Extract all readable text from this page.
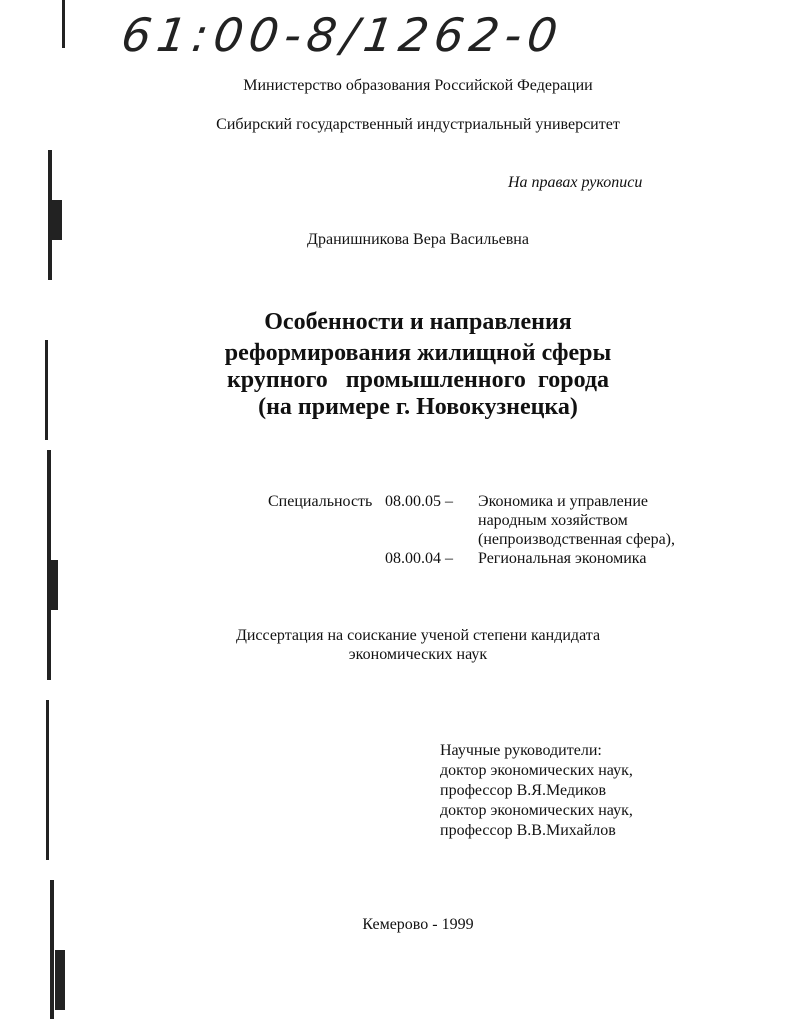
61:00-8/1262-0
Министерство образования Российской Федерации
Сибирский государственный индустриальный университет
На правах рукописи
Дранишникова Вера Васильевна
Особенности и направления
реформирования жилищной сферы
крупного   промышленного  города
(на примере г. Новокузнецка)
Специальность 08.00.05 – Экономика и управление
народным хозяйством
(непроизводственная сфера),
08.00.04 – Региональная экономика
Диссертация на соискание ученой степени кандидата
экономических наук
Научные руководители:
доктор экономических наук,
профессор В.Я.Медиков
доктор экономических наук,
профессор В.В.Михайлов
Кемерово - 1999
